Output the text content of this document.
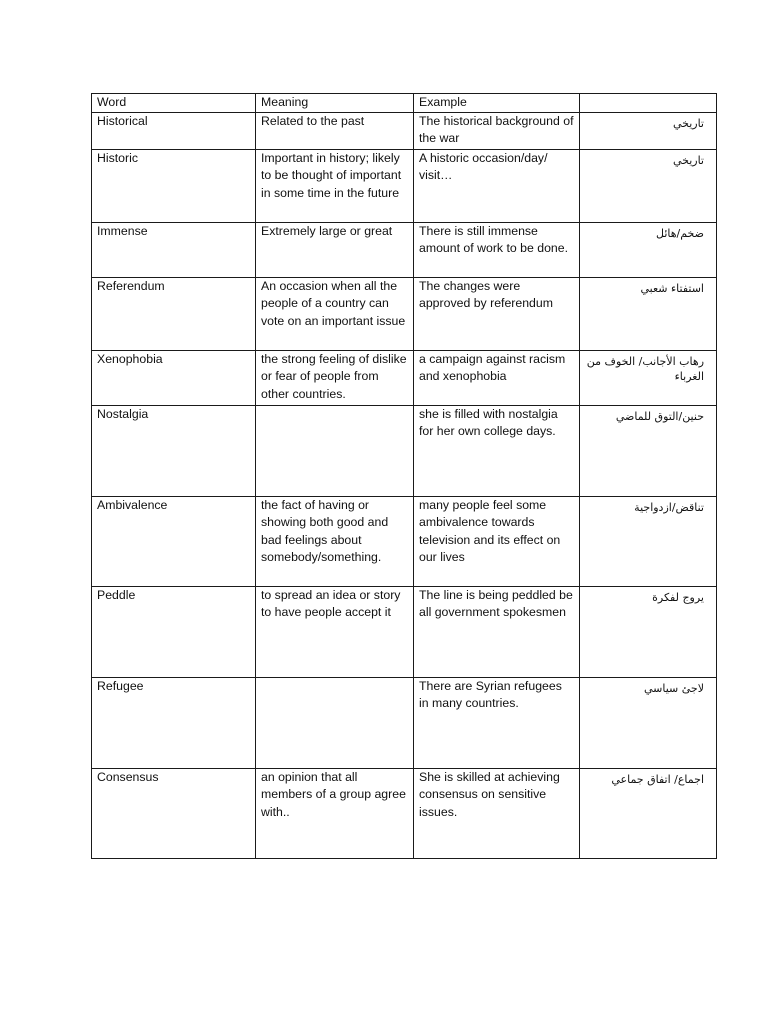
Word	Meaning	Example	
Historical	Related to the past	The historical background of the war	تاريخي
Historic	Important in history; likely to be thought of important in some time in the future	A historic occasion/day/ visit…	تاريخي
Immense	Extremely large or great	There is still immense amount of work to be done.	ضخم/هائل
Referendum	An occasion when all the people of a country can vote on an important issue	The changes were approved by referendum	استفتاء شعبي
Xenophobia	the strong feeling of dislike or fear of people from other countries.	a campaign against racism and xenophobia	رهاب الأجانب/ الخوف من الغرباء
Nostalgia		she is filled with nostalgia for her own college days.	حنين/التوق للماضي
Ambivalence	the fact of having or showing both good and bad feelings about somebody/something.	many people feel some ambivalence towards television and its effect on our lives	تناقض/ازدواجية
Peddle	to spread an idea or story to have people accept it	The line is being peddled be all government spokesmen	يروج لفكرة
Refugee		There are Syrian refugees in many countries.	لاجئ سياسي
Consensus	an opinion that all members of a group agree with..	She is skilled at achieving consensus on sensitive issues.	اجماع/ اتفاق جماعي
